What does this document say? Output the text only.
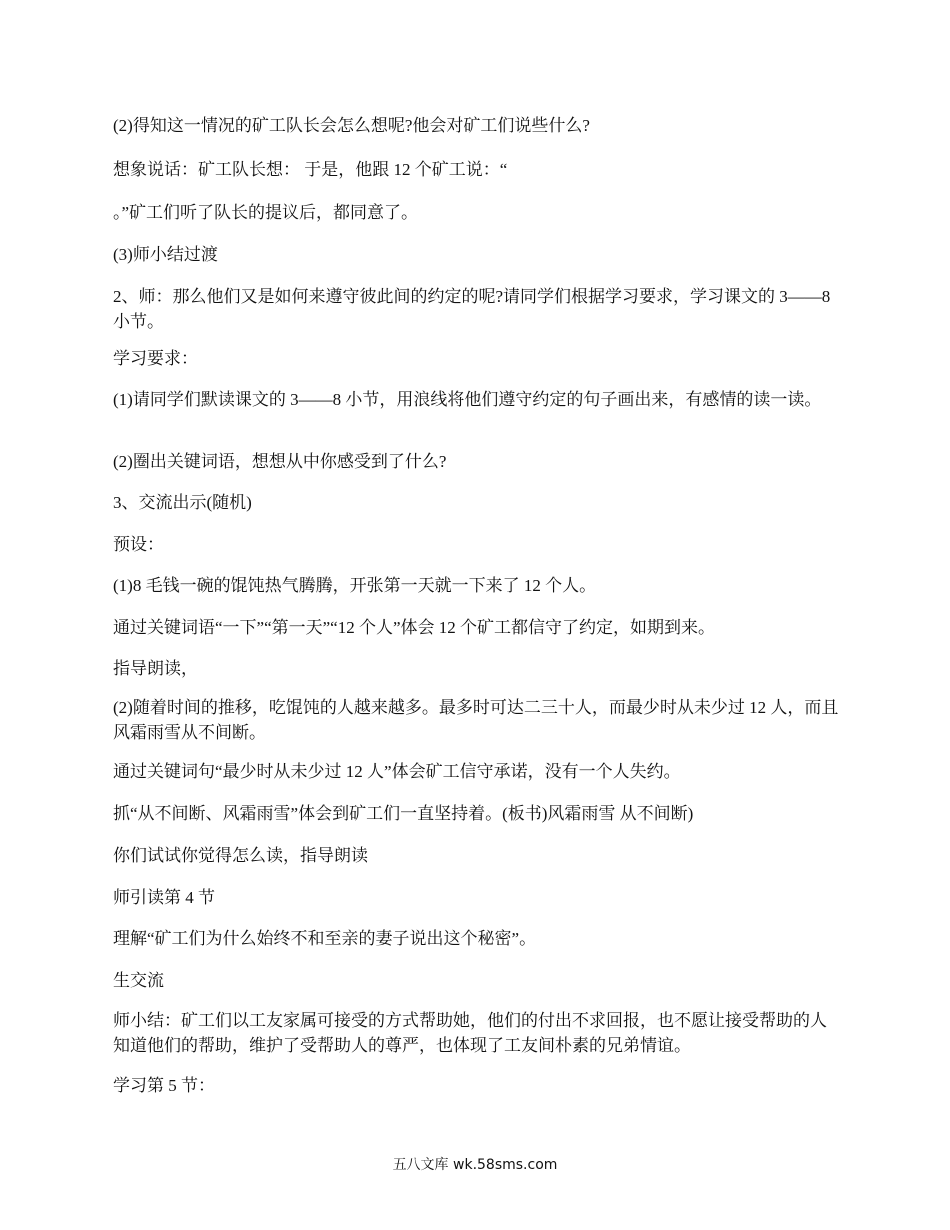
(2)得知这一情况的矿工队长会怎么想呢?他会对矿工们说些什么?

想象说话：矿工队长想： 于是，他跟 12 个矿工说：“

。”矿工们听了队长的提议后，都同意了。

(3)师小结过渡

2、师：那么他们又是如何来遵守彼此间的约定的呢?请同学们根据学习要求，学习课文的 3——8 小节。

学习要求：

(1)请同学们默读课文的 3——8 小节，用浪线将他们遵守约定的句子画出来，有感情的读一读。

(2)圈出关键词语，想想从中你感受到了什么?

3、交流出示(随机)

预设：

(1)8 毛钱一碗的馄饨热气腾腾，开张第一天就一下来了 12 个人。

通过关键词语“一下”“第一天”“12 个人”体会 12 个矿工都信守了约定，如期到来。

指导朗读，

(2)随着时间的推移，吃馄饨的人越来越多。最多时可达二三十人，而最少时从未少过 12 人，而且风霜雨雪从不间断。

通过关键词句“最少时从未少过 12 人”体会矿工信守承诺，没有一个人失约。

抓“从不间断、风霜雨雪”体会到矿工们一直坚持着。(板书)风霜雨雪 从不间断)

你们试试你觉得怎么读，指导朗读

师引读第 4 节

理解“矿工们为什么始终不和至亲的妻子说出这个秘密”。

生交流

师小结：矿工们以工友家属可接受的方式帮助她，他们的付出不求回报，也不愿让接受帮助的人知道他们的帮助，维护了受帮助人的尊严，也体现了工友间朴素的兄弟情谊。

学习第 5 节：

五八文库 wk.58sms.com
